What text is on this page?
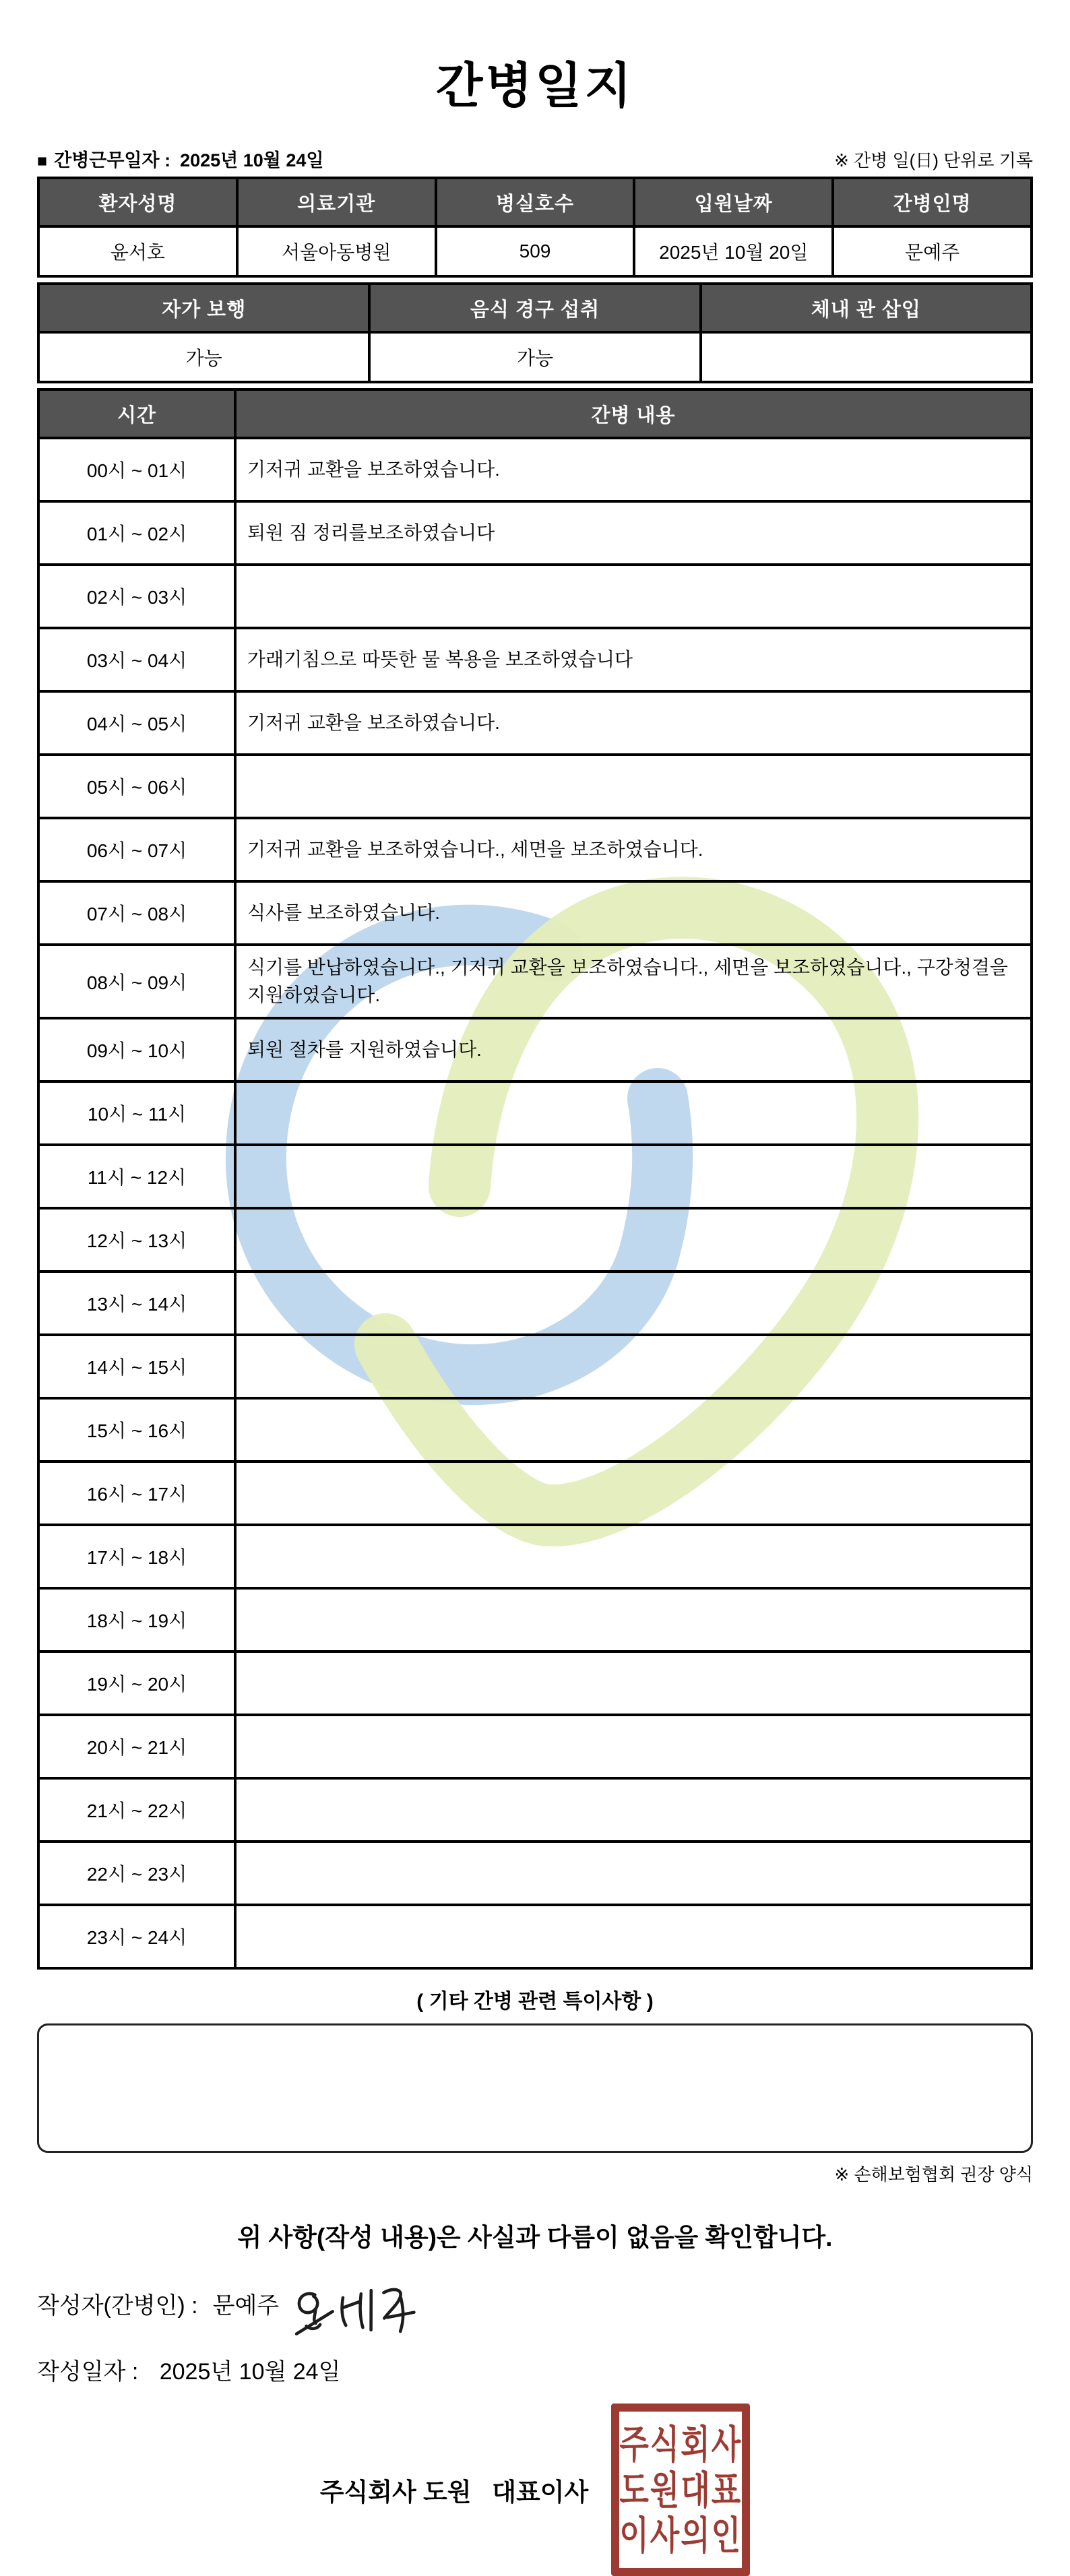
간병일지
■ 간병근무일자 : 2025년 10월 24일	※ 간병 일(日) 단위로 기록
환자성명	의료기관	병실호수	입원날짜	간병인명
윤서호	서울아동병원	509	2025년 10월 20일	문예주
자가 보행	음식 경구 섭취	체내 관 삽입
가능	가능	
시간	간병 내용
00시 ~ 01시	기저귀 교환을 보조하였습니다.
01시 ~ 02시	퇴원 짐 정리를보조하였습니다
02시 ~ 03시	
03시 ~ 04시	가래기침으로 따뜻한 물 복용을 보조하였습니다
04시 ~ 05시	기저귀 교환을 보조하였습니다.
05시 ~ 06시	
06시 ~ 07시	기저귀 교환을 보조하였습니다., 세면을 보조하였습니다.
07시 ~ 08시	식사를 보조하였습니다.
08시 ~ 09시	식기를 반납하였습니다., 기저귀 교환을 보조하였습니다., 세면을 보조하였습니다., 구강청결을 지원하였습니다.
09시 ~ 10시	퇴원 절차를 지원하였습니다.
10시 ~ 11시	
11시 ~ 12시	
12시 ~ 13시	
13시 ~ 14시	
14시 ~ 15시	
15시 ~ 16시	
16시 ~ 17시	
17시 ~ 18시	
18시 ~ 19시	
19시 ~ 20시	
20시 ~ 21시	
21시 ~ 22시	
22시 ~ 23시	
23시 ~ 24시	
( 기타 간병 관련 특이사항 )
※ 손해보험협회 권장 양식
위 사항(작성 내용)은 사실과 다름이 없음을 확인합니다.
작성자(간병인) : 문예주
작성일자 : 2025년 10월 24일
주식회사 도원   대표이사
주식회사
도원대표
이사의인
